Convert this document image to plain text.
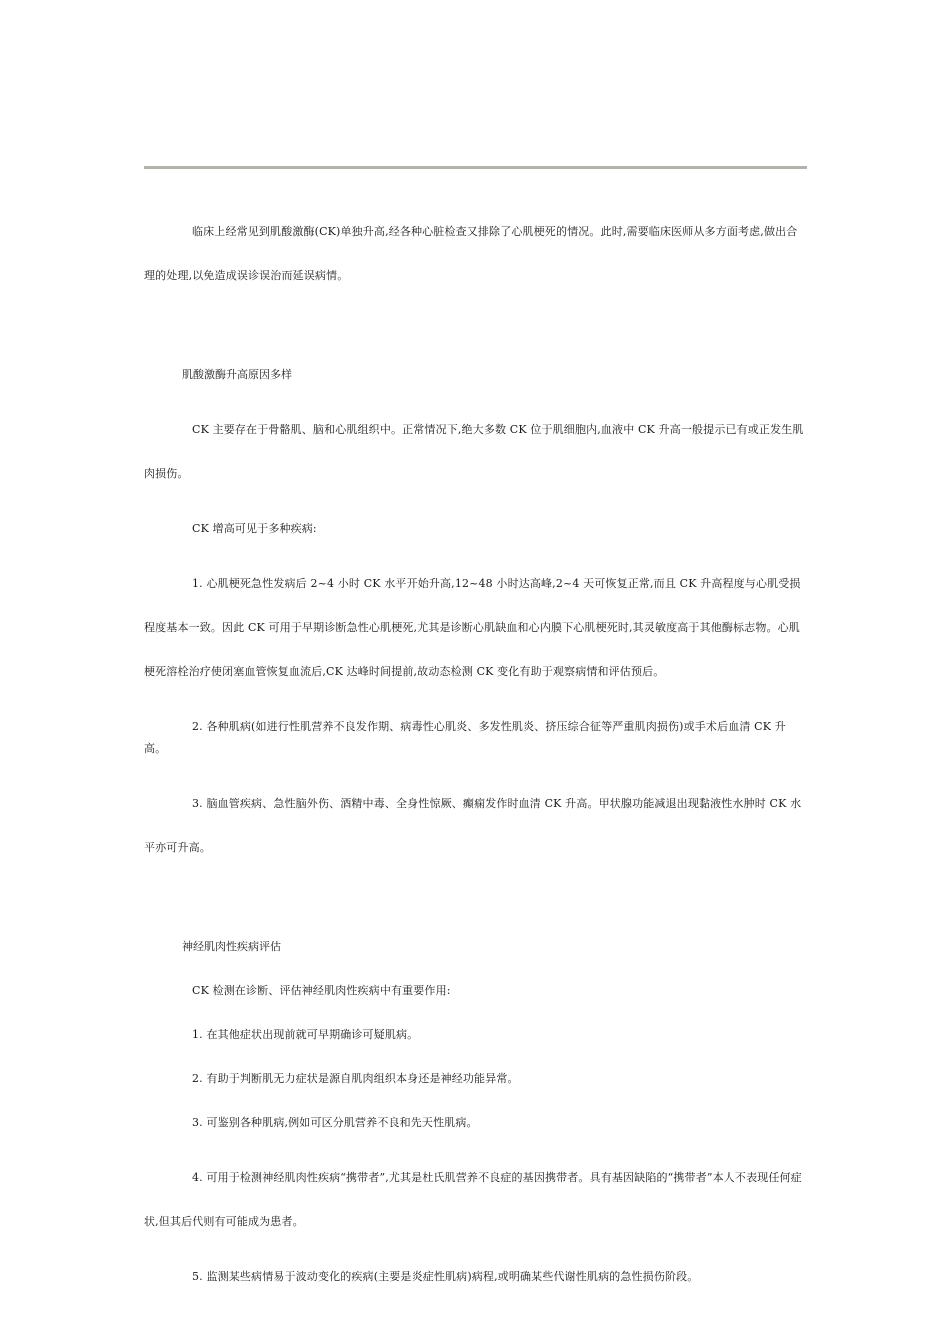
临床上经常见到肌酸激酶(CK)单独升高,经各种心脏检查又排除了心肌梗死的情况。此时,需要临床医师从多方面考虑,做出合理的处理,以免造成误诊误治而延误病情。

肌酸激酶升高原因多样

CK 主要存在于骨骼肌、脑和心肌组织中。正常情况下,绝大多数 CK 位于肌细胞内,血液中 CK 升高一般提示已有或正发生肌肉损伤。

CK 增高可见于多种疾病:

1. 心肌梗死急性发病后 2~4 小时 CK 水平开始升高,12~48 小时达高峰,2~4 天可恢复正常,而且 CK 升高程度与心肌受损程度基本一致。因此 CK 可用于早期诊断急性心肌梗死,尤其是诊断心肌缺血和心内膜下心肌梗死时,其灵敏度高于其他酶标志物。心肌梗死溶栓治疗使闭塞血管恢复血流后,CK 达峰时间提前,故动态检测 CK 变化有助于观察病情和评估预后。

2. 各种肌病(如进行性肌营养不良发作期、病毒性心肌炎、多发性肌炎、挤压综合征等严重肌肉损伤)或手术后血清 CK 升高。

3. 脑血管疾病、急性脑外伤、酒精中毒、全身性惊厥、癫痫发作时血清 CK 升高。甲状腺功能减退出现黏液性水肿时 CK 水平亦可升高。

神经肌肉性疾病评估

CK 检测在诊断、评估神经肌肉性疾病中有重要作用:

1. 在其他症状出现前就可早期确诊可疑肌病。

2. 有助于判断肌无力症状是源自肌肉组织本身还是神经功能异常。

3. 可鉴别各种肌病,例如可区分肌营养不良和先天性肌病。

4. 可用于检测神经肌肉性疾病“携带者”,尤其是杜氏肌营养不良症的基因携带者。具有基因缺陷的“携带者”本人不表现任何症状,但其后代则有可能成为患者。

5. 监测某些病情易于波动变化的疾病(主要是炎症性肌病)病程,或明确某些代谢性肌病的急性损伤阶段。
